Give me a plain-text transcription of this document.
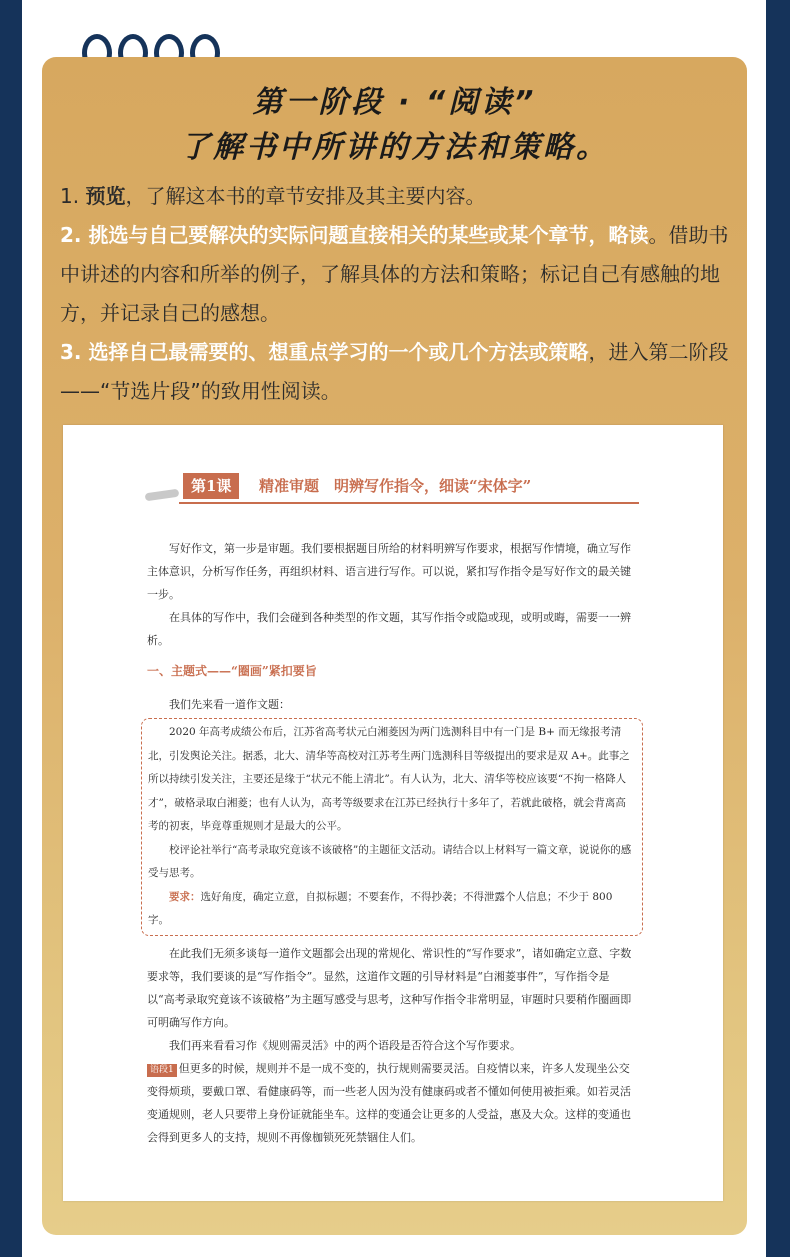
第一阶段 · “阅读”
了解书中所讲的方法和策略。

1. 预览，了解这本书的章节安排及其主要内容。

2. 挑选与自己要解决的实际问题直接相关的某些或某个章节，略读。借助书中讲述的内容和所举的例子，了解具体的方法和策略；标记自己有感触的地方，并记录自己的感想。

3. 选择自己最需要的、想重点学习的一个或几个方法或策略，进入第二阶段——“节选片段”的致用性阅读。

第1课	精准审题　明辨写作指令，细读“宋体字”

写好作文，第一步是审题。我们要根据题目所给的材料明辨写作要求，根据写作情境，确立写作主体意识，分析写作任务，再组织材料、语言进行写作。可以说，紧扣写作指令是写好作文的最关键一步。

在具体的写作中，我们会碰到各种类型的作文题，其写作指令或隐或现，或明或晦，需要一一辨析。

一、主题式——“圈画”紧扣要旨

我们先来看一道作文题：

2020 年高考成绩公布后，江苏省高考状元白湘菱因为两门选测科目中有一门是 B+ 而无缘报考清北，引发舆论关注。据悉，北大、清华等高校对江苏考生两门选测科目等级提出的要求是双 A+。此事之所以持续引发关注，主要还是缘于“状元不能上清北”。有人认为，北大、清华等校应该要“不拘一格降人才”，破格录取白湘菱；也有人认为，高考等级要求在江苏已经执行十多年了，若就此破格，就会背离高考的初衷，毕竟尊重规则才是最大的公平。

校评论社举行“高考录取究竟该不该破格”的主题征文活动。请结合以上材料写一篇文章，说说你的感受与思考。

要求：选好角度，确定立意，自拟标题；不要套作，不得抄袭；不得泄露个人信息；不少于 800 字。

在此我们无须多谈每一道作文题都会出现的常规化、常识性的“写作要求”，诸如确定立意、字数要求等，我们要谈的是“写作指令”。显然，这道作文题的引导材料是“白湘菱事件”，写作指令是以“高考录取究竟该不该破格”为主题写感受与思考，这种写作指令非常明显，审题时只要稍作圈画即可明确写作方向。

我们再来看看习作《规则需灵活》中的两个语段是否符合这个写作要求。

语段1 但更多的时候，规则并不是一成不变的，执行规则需要灵活。自疫情以来，许多人发现坐公交变得烦琐，要戴口罩、看健康码等，而一些老人因为没有健康码或者不懂如何使用被拒乘。如若灵活变通规则，老人只要带上身份证就能坐车。这样的变通会让更多的人受益，惠及大众。这样的变通也会得到更多人的支持，规则不再像枷锁死死禁锢住人们。
